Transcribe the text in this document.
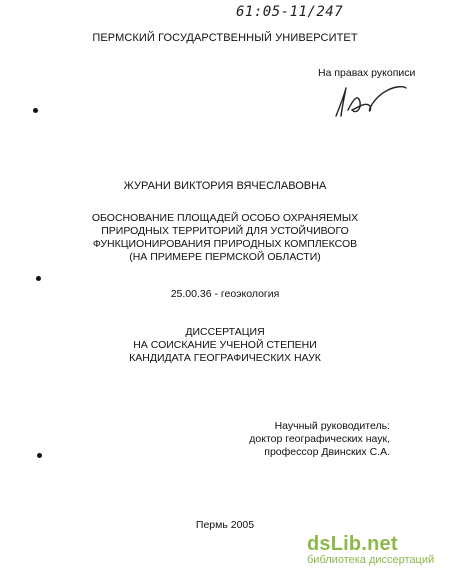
61:05-11/247
ПЕРМСКИЙ ГОСУДАРСТВЕННЫЙ УНИВЕРСИТЕТ
На правах рукописи
ЖУРАНИ ВИКТОРИЯ ВЯЧЕСЛАВОВНА
ОБОСНОВАНИЕ ПЛОЩАДЕЙ ОСОБО ОХРАНЯЕМЫХ
ПРИРОДНЫХ ТЕРРИТОРИЙ ДЛЯ УСТОЙЧИВОГО
ФУНКЦИОНИРОВАНИЯ ПРИРОДНЫХ КОМПЛЕКСОВ
(НА ПРИМЕРЕ ПЕРМСКОЙ ОБЛАСТИ)
25.00.36 - геоэкология
ДИССЕРТАЦИЯ
НА СОИСКАНИЕ УЧЕНОЙ СТЕПЕНИ
КАНДИДАТА ГЕОГРАФИЧЕСКИХ НАУК
Научный руководитель:
доктор географических наук,
профессор Двинских С.А.
Пермь 2005
dsLib.net
библиотека диссертаций
